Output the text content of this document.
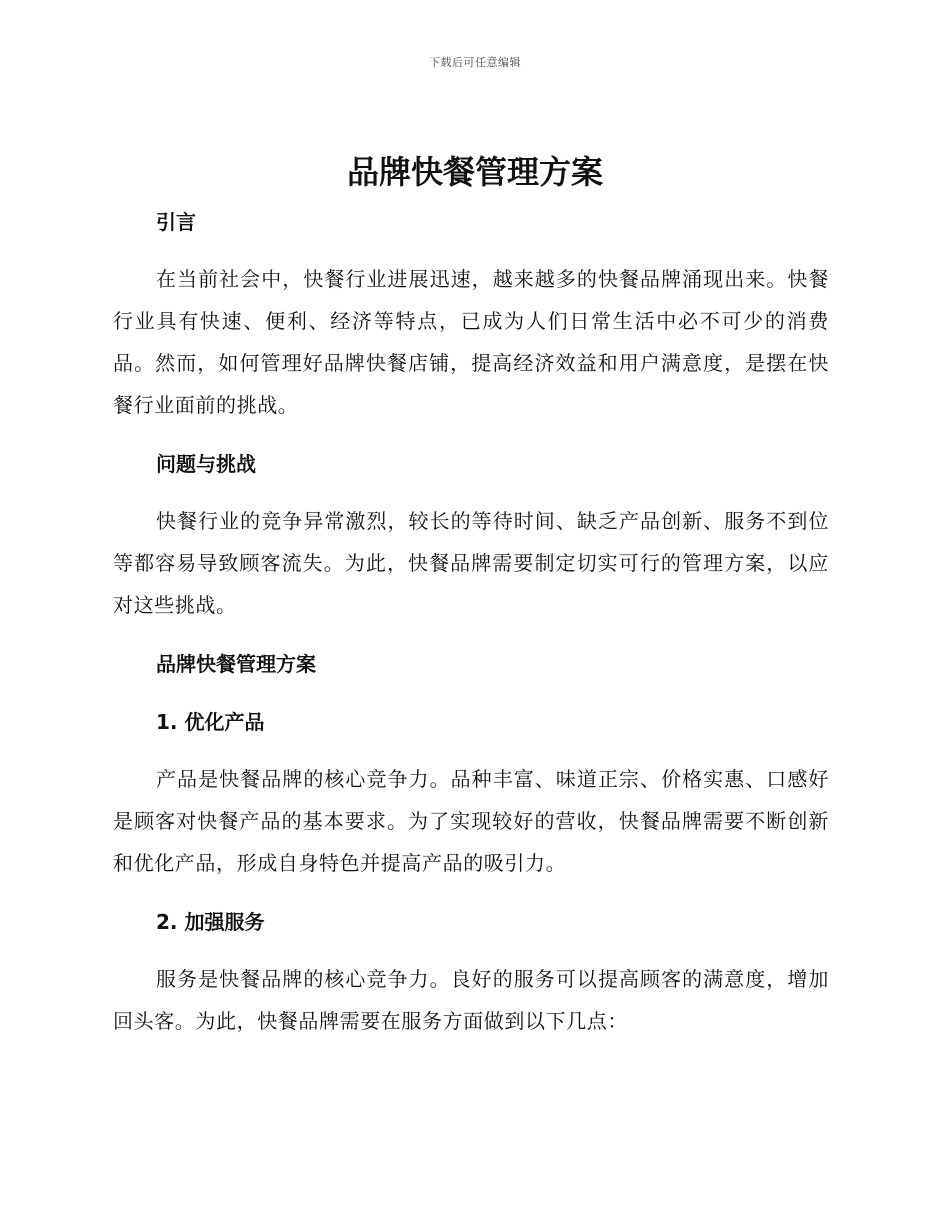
下载后可任意编辑
品牌快餐管理方案
引言

在当前社会中，快餐行业进展迅速，越来越多的快餐品牌涌现出来。快餐行业具有快速、便利、经济等特点，已成为人们日常生活中必不可少的消费品。然而，如何管理好品牌快餐店铺，提高经济效益和用户满意度，是摆在快餐行业面前的挑战。

问题与挑战

快餐行业的竞争异常激烈，较长的等待时间、缺乏产品创新、服务不到位等都容易导致顾客流失。为此，快餐品牌需要制定切实可行的管理方案，以应对这些挑战。

品牌快餐管理方案
1. 优化产品

产品是快餐品牌的核心竞争力。品种丰富、味道正宗、价格实惠、口感好是顾客对快餐产品的基本要求。为了实现较好的营收，快餐品牌需要不断创新和优化产品，形成自身特色并提高产品的吸引力。

2. 加强服务

服务是快餐品牌的核心竞争力。良好的服务可以提高顾客的满意度，增加回头客。为此，快餐品牌需要在服务方面做到以下几点：
